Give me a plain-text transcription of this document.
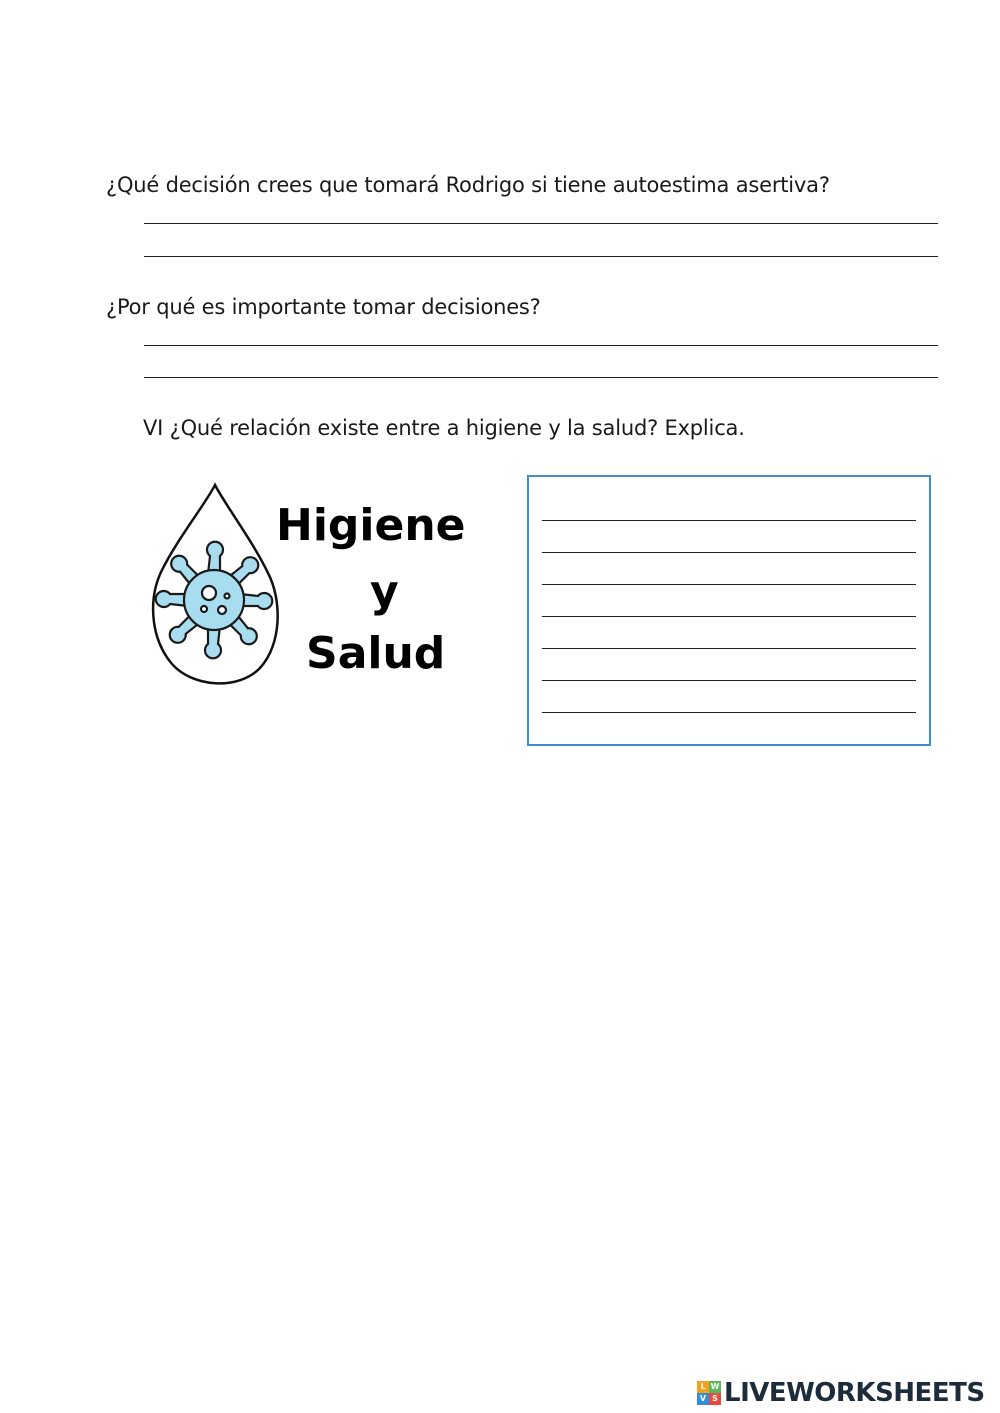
¿Qué decisión crees que tomará Rodrigo si tiene autoestima asertiva?
¿Por qué es importante tomar decisiones?
VI ¿Qué relación existe entre a higiene y la salud? Explica.
Higiene
y
Salud
L W
V S LIVEWORKSHEETS
